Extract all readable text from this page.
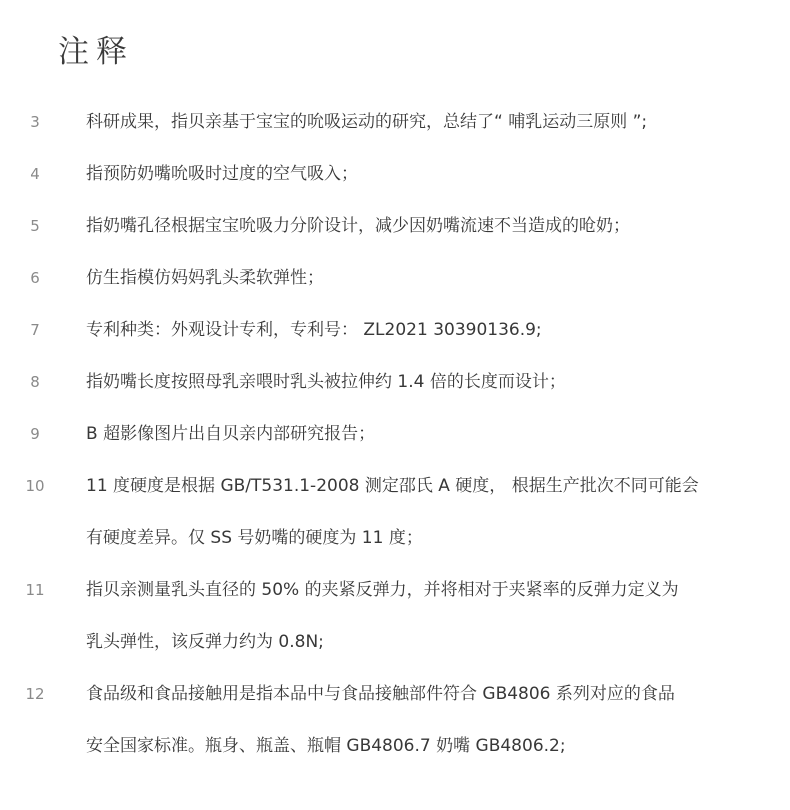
注释
3	科研成果，指贝亲基于宝宝的吮吸运动的研究，总结了“ 哺乳运动三原则 ”;
4	指预防奶嘴吮吸时过度的空气吸入；
5	指奶嘴孔径根据宝宝吮吸力分阶设计，减少因奶嘴流速不当造成的呛奶；
6	仿生指模仿妈妈乳头柔软弹性；
7	专利种类：外观设计专利，专利号： ZL2021 30390136.9;
8	指奶嘴长度按照母乳亲喂时乳头被拉伸约 1.4 倍的长度而设计；
9	B 超影像图片出自贝亲内部研究报告；
10	11 度硬度是根据 GB/T531.1-2008 测定邵氏 A 硬度， 根据生产批次不同可能会
有硬度差异。仅 SS 号奶嘴的硬度为 11 度；
11	指贝亲测量乳头直径的 50% 的夹紧反弹力，并将相对于夹紧率的反弹力定义为
乳头弹性，该反弹力约为 0.8N;
12	食品级和食品接触用是指本品中与食品接触部件符合 GB4806 系列对应的食品
安全国家标准。瓶身、瓶盖、瓶帽 GB4806.7 奶嘴 GB4806.2;
